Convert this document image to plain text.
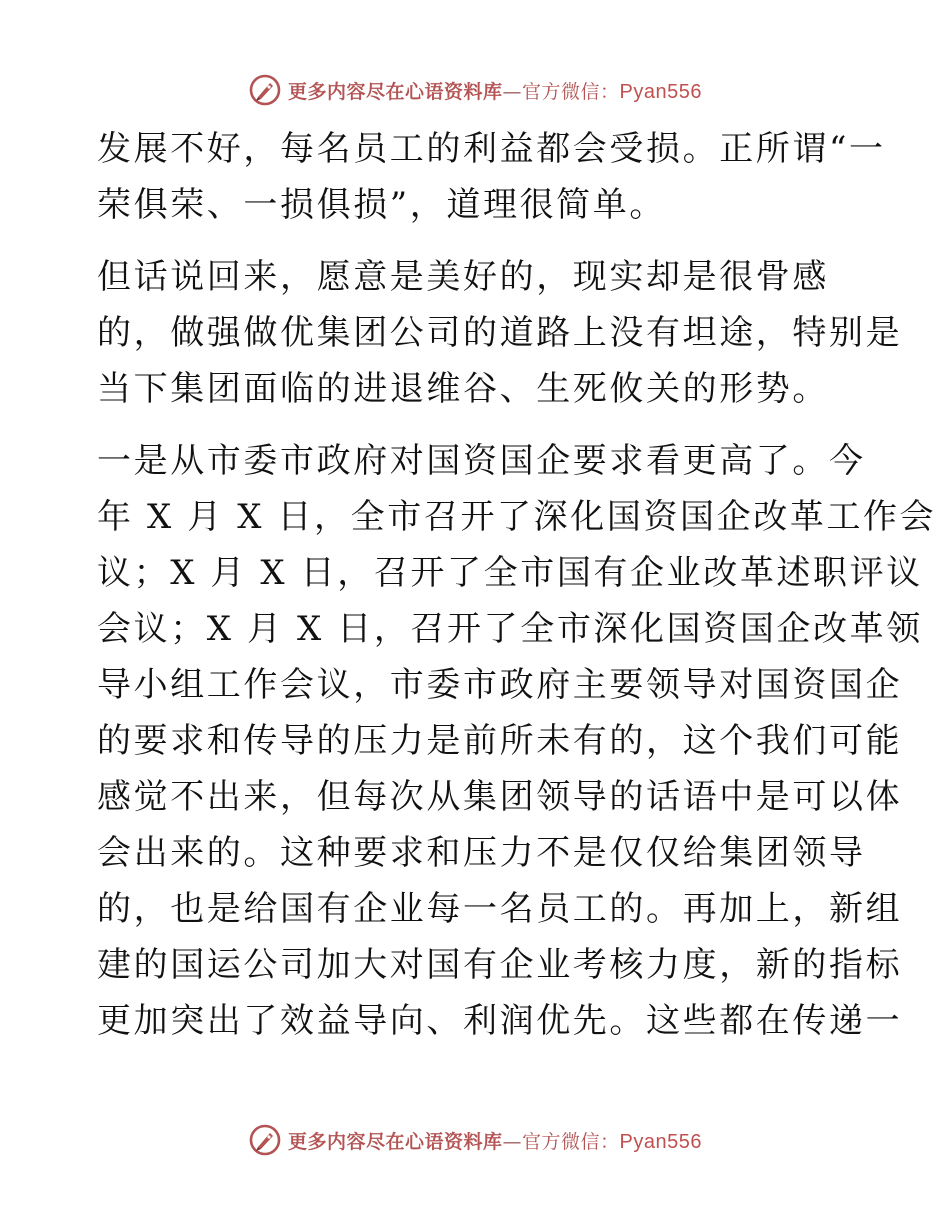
更多内容尽在心语资料库—官方微信：Pyan556
发展不好，每名员工的利益都会受损。正所谓“一
荣俱荣、一损俱损”，道理很简单。
但话说回来，愿意是美好的，现实却是很骨感
的，做强做优集团公司的道路上没有坦途，特别是
当下集团面临的进退维谷、生死攸关的形势。
一是从市委市政府对国资国企要求看更高了。今
年 X 月 X 日，全市召开了深化国资国企改革工作会
议；X 月 X 日，召开了全市国有企业改革述职评议
会议；X 月 X 日，召开了全市深化国资国企改革领
导小组工作会议，市委市政府主要领导对国资国企
的要求和传导的压力是前所未有的，这个我们可能
感觉不出来，但每次从集团领导的话语中是可以体
会出来的。这种要求和压力不是仅仅给集团领导
的，也是给国有企业每一名员工的。再加上，新组
建的国运公司加大对国有企业考核力度，新的指标
更加突出了效益导向、利润优先。这些都在传递一
更多内容尽在心语资料库—官方微信：Pyan556
